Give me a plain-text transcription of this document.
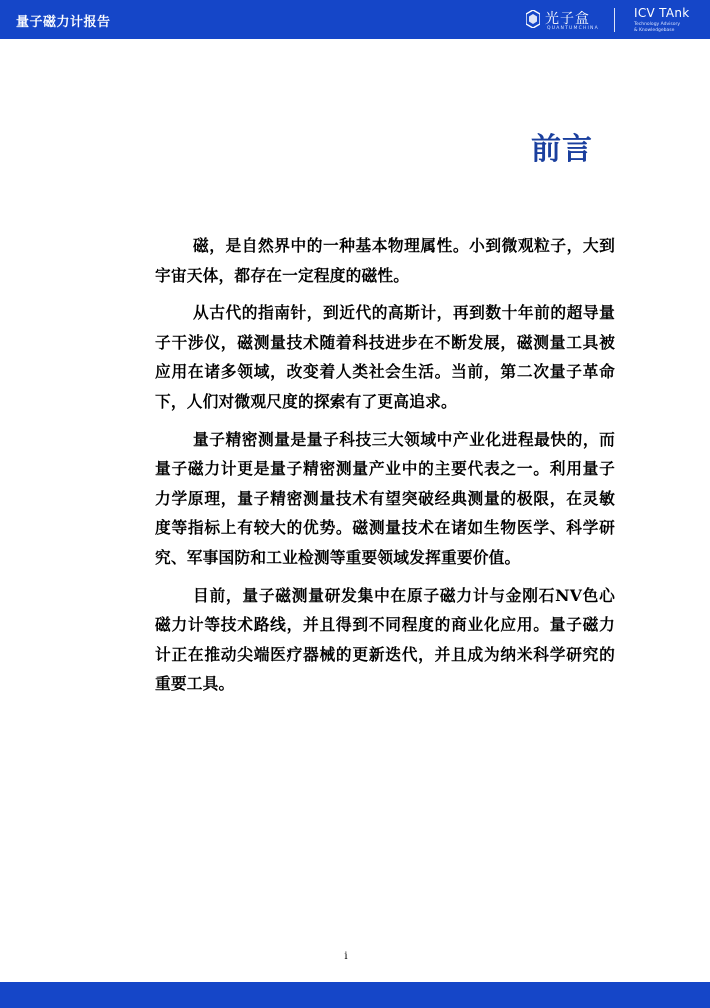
量子磁力计报告	光子盒
QUANTUMCHINA
ICV TAnk
Technology Advisory
& Knowledgebase
前言

磁，是自然界中的一种基本物理属性。小到微观粒子，大到宇宙天体，都存在一定程度的磁性。

从古代的指南针，到近代的高斯计，再到数十年前的超导量子干涉仪，磁测量技术随着科技进步在不断发展，磁测量工具被应用在诸多领域，改变着人类社会生活。当前，第二次量子革命下，人们对微观尺度的探索有了更高追求。

量子精密测量是量子科技三大领域中产业化进程最快的，而量子磁力计更是量子精密测量产业中的主要代表之一。利用量子力学原理，量子精密测量技术有望突破经典测量的极限，在灵敏度等指标上有较大的优势。磁测量技术在诸如生物医学、科学研究、军事国防和工业检测等重要领域发挥重要价值。

目前，量子磁测量研发集中在原子磁力计与金刚石NV色心磁力计等技术路线，并且得到不同程度的商业化应用。量子磁力计正在推动尖端医疗器械的更新迭代，并且成为纳米科学研究的重要工具。

i
